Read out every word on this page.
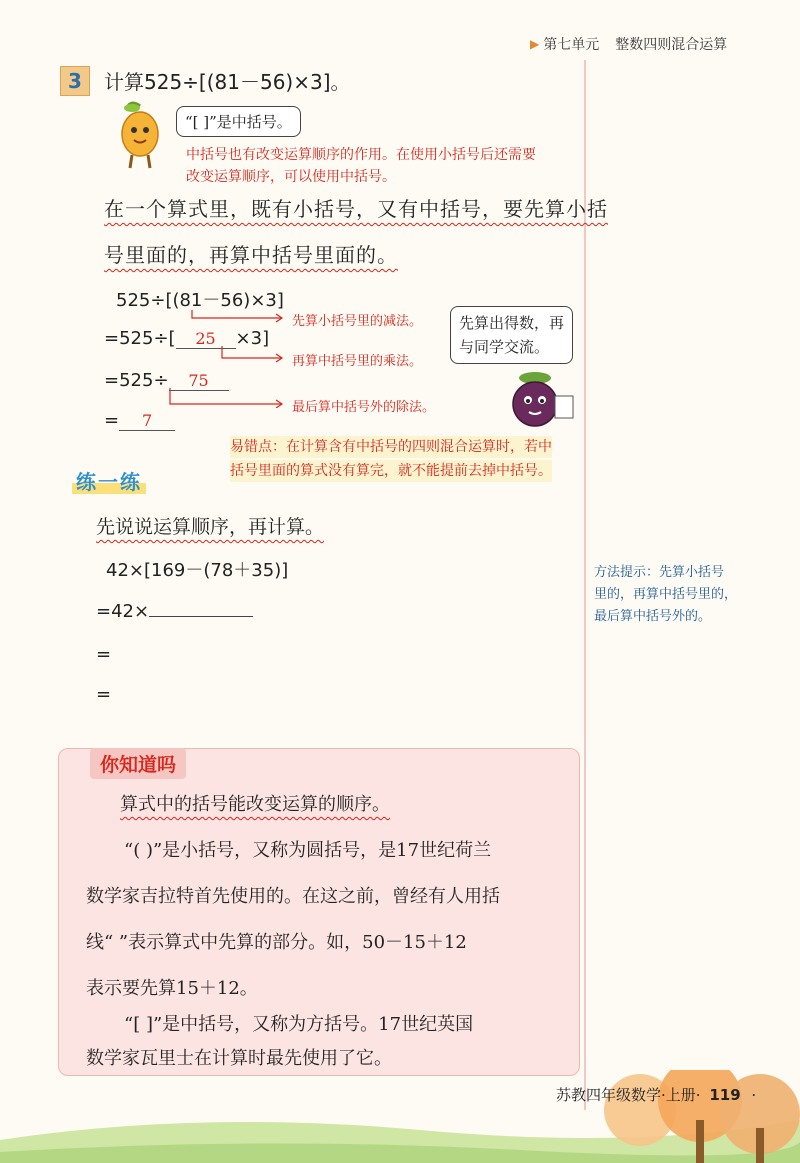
▶ 第七单元 整数四则混合运算
3	计算525÷[(81－56)×3]。
“[ ]”是中括号。
中括号也有改变运算顺序的作用。在使用小括号后还需要
改变运算顺序，可以使用中括号。
在一个算式里，既有小括号，又有中括号，要先算小括
号里面的，再算中括号里面的。
525÷[(81－56)×3]
=525÷[ 25 ×3]
=525÷ 75
= 7
先算小括号里的减法。
再算中括号里的乘法。
最后算中括号外的除法。
先算出得数，再
与同学交流。
易错点：在计算含有中括号的四则混合运算时，若中
括号里面的算式没有算完，就不能提前去掉中括号。
练一练
先说说运算顺序，再计算。
42×[169－(78＋35)]
=42×
=
=
方法提示：先算小括号
里的，再算中括号里的，
最后算中括号外的。
你知道吗
算式中的括号能改变运算的顺序。
“( )”是小括号，又称为圆括号，是17世纪荷兰
数学家吉拉特首先使用的。在这之前，曾经有人用括
线“ ”表示算式中先算的部分。如，50－15＋12
表示要先算15＋12。
“[ ]”是中括号，又称为方括号。17世纪英国
数学家瓦里士在计算时最先使用了它。
苏教四年级数学·上册· 119 ·
